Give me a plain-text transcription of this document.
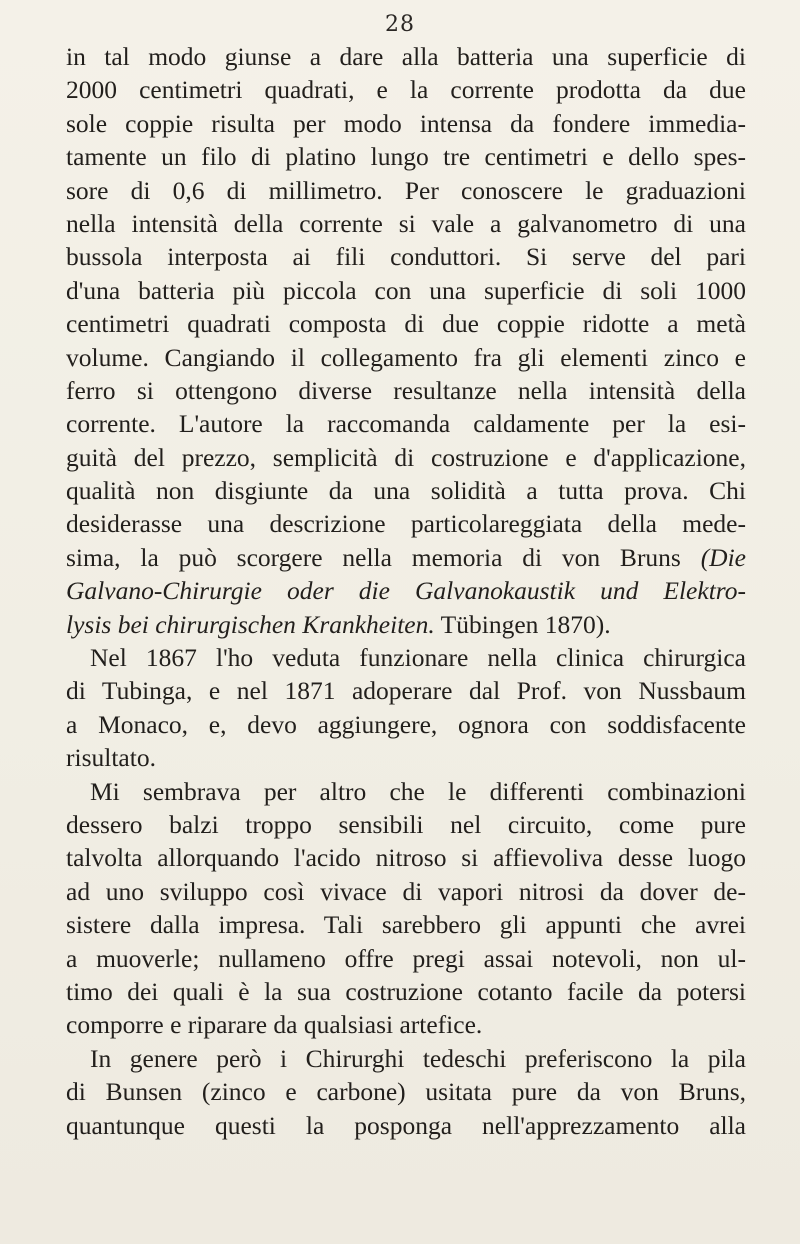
28
in tal modo giunse a dare alla batteria una superficie di
2000 centimetri quadrati, e la corrente prodotta da due
sole coppie risulta per modo intensa da fondere immedia-
tamente un filo di platino lungo tre centimetri e dello spes-
sore di 0,6 di millimetro. Per conoscere le graduazioni
nella intensità della corrente si vale a galvanometro di una
bussola interposta ai fili conduttori. Si serve del pari
d'una batteria più piccola con una superficie di soli 1000
centimetri quadrati composta di due coppie ridotte a metà
volume. Cangiando il collegamento fra gli elementi zinco e
ferro si ottengono diverse resultanze nella intensità della
corrente. L'autore la raccomanda caldamente per la esi-
guità del prezzo, semplicità di costruzione e d'applicazione,
qualità non disgiunte da una solidità a tutta prova. Chi
desiderasse una descrizione particolareggiata della mede-
sima, la può scorgere nella memoria di von Bruns (Die
Galvano-Chirurgie oder die Galvanokaustik und Elektro-
lysis bei chirurgischen Krankheiten. Tübingen 1870).
Nel 1867 l'ho veduta funzionare nella clinica chirurgica
di Tubinga, e nel 1871 adoperare dal Prof. von Nussbaum
a Monaco, e, devo aggiungere, ognora con soddisfacente
risultato.
Mi sembrava per altro che le differenti combinazioni
dessero balzi troppo sensibili nel circuito, come pure
talvolta allorquando l'acido nitroso si affievoliva desse luogo
ad uno sviluppo così vivace di vapori nitrosi da dover de-
sistere dalla impresa. Tali sarebbero gli appunti che avrei
a muoverle; nullameno offre pregi assai notevoli, non ul-
timo dei quali è la sua costruzione cotanto facile da potersi
comporre e riparare da qualsiasi artefice.
In genere però i Chirurghi tedeschi preferiscono la pila
di Bunsen (zinco e carbone) usitata pure da von Bruns,
quantunque questi la posponga nell'apprezzamento alla
